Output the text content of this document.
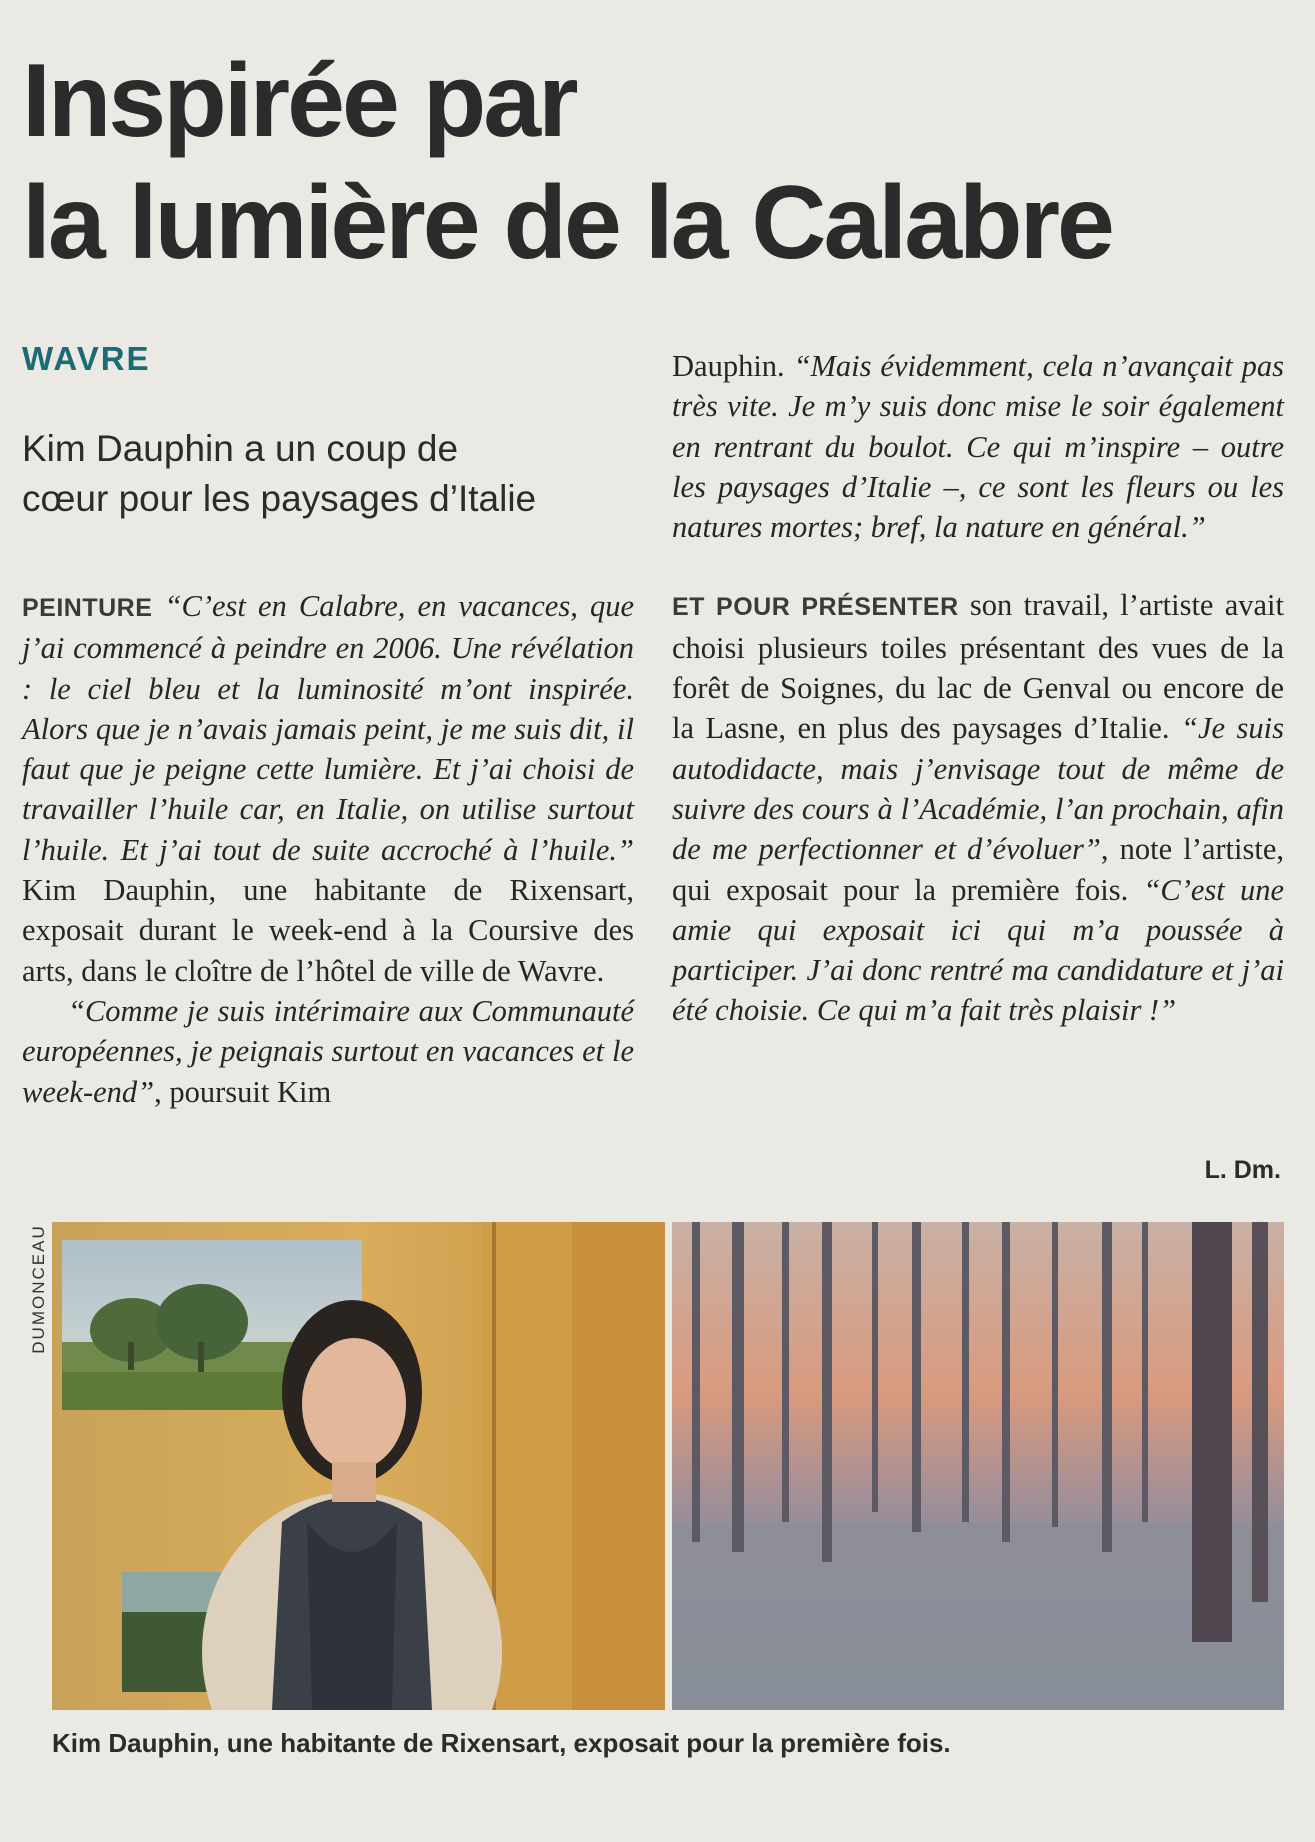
Inspirée par
la lumière de la Calabre
WAVRE
Kim Dauphin a un coup de
cœur pour les paysages d’Italie

PEINTURE “C’est en Calabre, en vacances, que j’ai commencé à peindre en 2006. Une révélation : le ciel bleu et la luminosité m’ont inspirée. Alors que je n’avais jamais peint, je me suis dit, il faut que je peigne cette lumière. Et j’ai choisi de travailler l’huile car, en Italie, on utilise surtout l’huile. Et j’ai tout de suite accroché à l’huile.” Kim Dauphin, une habitante de Rixensart, exposait durant le week-end à la Coursive des arts, dans le cloître de l’hôtel de ville de Wavre.

“Comme je suis intérimaire aux Communauté européennes, je peignais surtout en vacances et le week-end”, poursuit Kim

Dauphin. “Mais évidemment, cela n’avançait pas très vite. Je m’y suis donc mise le soir également en rentrant du boulot. Ce qui m’inspire – outre les paysages d’Italie –, ce sont les fleurs ou les natures mortes; bref, la nature en général.”

ET POUR PRÉSENTER son travail, l’artiste avait choisi plusieurs toiles présentant des vues de la forêt de Soignes, du lac de Genval ou encore de la Lasne, en plus des paysages d’Italie. “Je suis autodidacte, mais j’envisage tout de même de suivre des cours à l’Académie, l’an prochain, afin de me perfectionner et d’évoluer”, note l’artiste, qui exposait pour la première fois. “C’est une amie qui exposait ici qui m’a poussée à participer. J’ai donc rentré ma candidature et j’ai été choisie. Ce qui m’a fait très plaisir !”

L. Dm.
DUMONCEAU
Kim Dauphin, une habitante de Rixensart, exposait pour la première fois.
